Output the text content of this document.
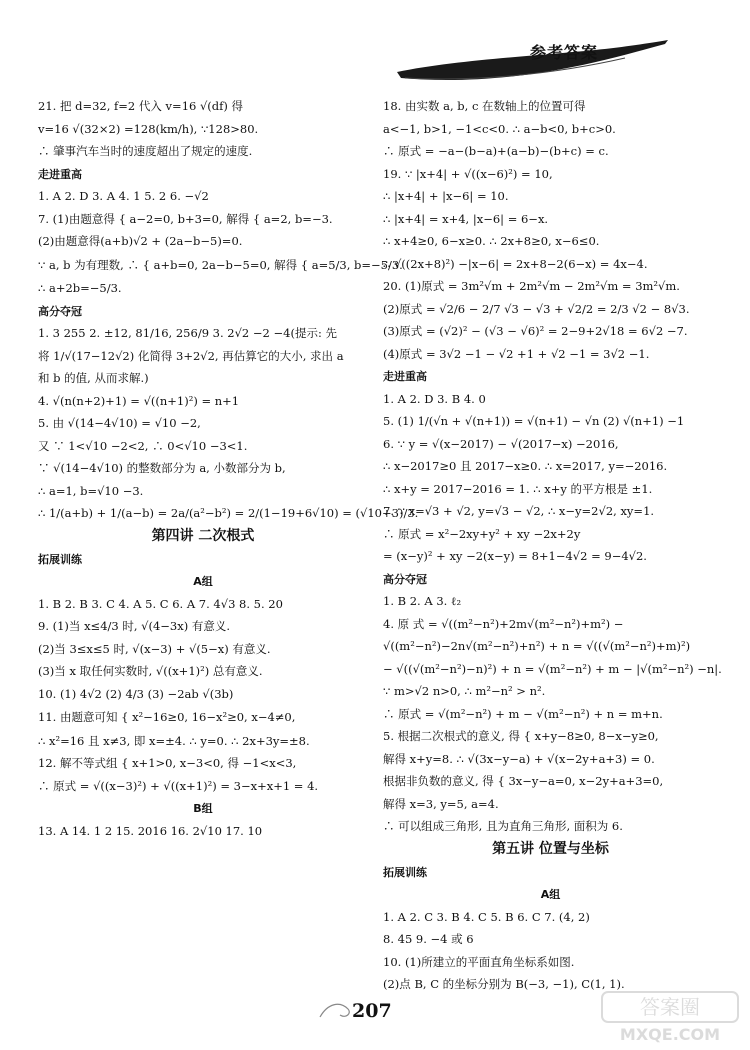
参考答案
21. 把 d=32, f=2 代入 v=16 √(df) 得
v=16 √(32×2) =128(km/h), ∵128>80.
∴ 肇事汽车当时的速度超出了规定的速度.
走进重高
1. A 2. D 3. A 4. 1 5. 2 6. −√2
7. (1)由题意得 { a−2=0, b+3=0, 解得 { a=2, b=−3.
(2)由题意得(a+b)√2 + (2a−b−5)=0.
∵ a, b 为有理数, ∴ { a+b=0, 2a−b−5=0, 解得 { a=5/3, b=−5/3.
∴ a+2b=−5/3.
高分夺冠
1. 3 255 2. ±12, 81/16, 256/9 3. 2√2 −2 −4(提示: 先
将 1/√(17−12√2) 化简得 3+2√2, 再估算它的大小, 求出 a
和 b 的值, 从而求解.)
4. √(n(n+2)+1) = √((n+1)²) = n+1
5. 由 √(14−4√10) = √10 −2,
又 ∵ 1<√10 −2<2, ∴ 0<√10 −3<1.
∵ √(14−4√10) 的整数部分为 a, 小数部分为 b,
∴ a=1, b=√10 −3.
∴ 1/(a+b) + 1/(a−b) = 2a/(a²−b²) = 2/(1−19+6√10) = (√10+3)/3.
第四讲 二次根式
拓展训练
A组
1. B 2. B 3. C 4. A 5. C 6. A 7. 4√3 8. 5. 20
9. (1)当 x≤4/3 时, √(4−3x) 有意义.
(2)当 3≤x≤5 时, √(x−3) + √(5−x) 有意义.
(3)当 x 取任何实数时, √((x+1)²) 总有意义.
10. (1) 4√2 (2) 4/3 (3) −2ab √(3b)
11. 由题意可知 { x²−16≥0, 16−x²≥0, x−4≠0,
∴ x²=16 且 x≠3, 即 x=±4. ∴ y=0. ∴ 2x+3y=±8.
12. 解不等式组 { x+1>0, x−3<0, 得 −1<x<3,
∴ 原式 = √((x−3)²) + √((x+1)²) = 3−x+x+1 = 4.
B组
13. A 14. 1 2 15. 2016 16. 2√10 17. 10
18. 由实数 a, b, c 在数轴上的位置可得
a<−1, b>1, −1<c<0. ∴ a−b<0, b+c>0.
∴ 原式 = −a−(b−a)+(a−b)−(b+c) = c.
19. ∵ |x+4| + √((x−6)²) = 10,
∴ |x+4| + |x−6| = 10.
∴ |x+4| = x+4, |x−6| = 6−x.
∴ x+4≥0, 6−x≥0. ∴ 2x+8≥0, x−6≤0.
∴ √((2x+8)²) −|x−6| = 2x+8−2(6−x) = 4x−4.
20. (1)原式 = 3m²√m + 2m²√m − 2m²√m = 3m²√m.
(2)原式 = √2/6 − 2/7 √3 − √3 + √2/2 = 2/3 √2 − 8√3.
(3)原式 = (√2)² − (√3 − √6)² = 2−9+2√18 = 6√2 −7.
(4)原式 = 3√2 −1 − √2 +1 + √2 −1 = 3√2 −1.
走进重高
1. A 2. D 3. B 4. 0
5. (1) 1/(√n + √(n+1)) = √(n+1) − √n (2) √(n+1) −1
6. ∵ y = √(x−2017) − √(2017−x) −2016,
∴ x−2017≥0 且 2017−x≥0. ∴ x=2017, y=−2016.
∴ x+y = 2017−2016 = 1. ∴ x+y 的平方根是 ±1.
7. ∵ x=√3 + √2, y=√3 − √2, ∴ x−y=2√2, xy=1.
∴ 原式 = x²−2xy+y² + xy −2x+2y
= (x−y)² + xy −2(x−y) = 8+1−4√2 = 9−4√2.
高分夺冠
1. B 2. A 3. ℓ₂
4. 原 式 = √((m²−n²)+2m√(m²−n²)+m²) −
√((m²−n²)−2n√(m²−n²)+n²) + n = √((√(m²−n²)+m)²)
− √((√(m²−n²)−n)²) + n = √(m²−n²) + m − |√(m²−n²) −n|.
∵ m>√2 n>0, ∴ m²−n² > n².
∴ 原式 = √(m²−n²) + m − √(m²−n²) + n = m+n.
5. 根据二次根式的意义, 得 { x+y−8≥0, 8−x−y≥0,
解得 x+y=8. ∴ √(3x−y−a) + √(x−2y+a+3) = 0.
根据非负数的意义, 得 { 3x−y−a=0, x−2y+a+3=0,
解得 x=3, y=5, a=4.
∴ 可以组成三角形, 且为直角三角形, 面积为 6.
第五讲 位置与坐标
拓展训练
A组
1. A 2. C 3. B 4. C 5. B 6. C 7. (4, 2)
8. 45 9. −4 或 6
10. (1)所建立的平面直角坐标系如图.
(2)点 B, C 的坐标分别为 B(−3, −1), C(1, 1).
207	答案圈
MXQE.COM
